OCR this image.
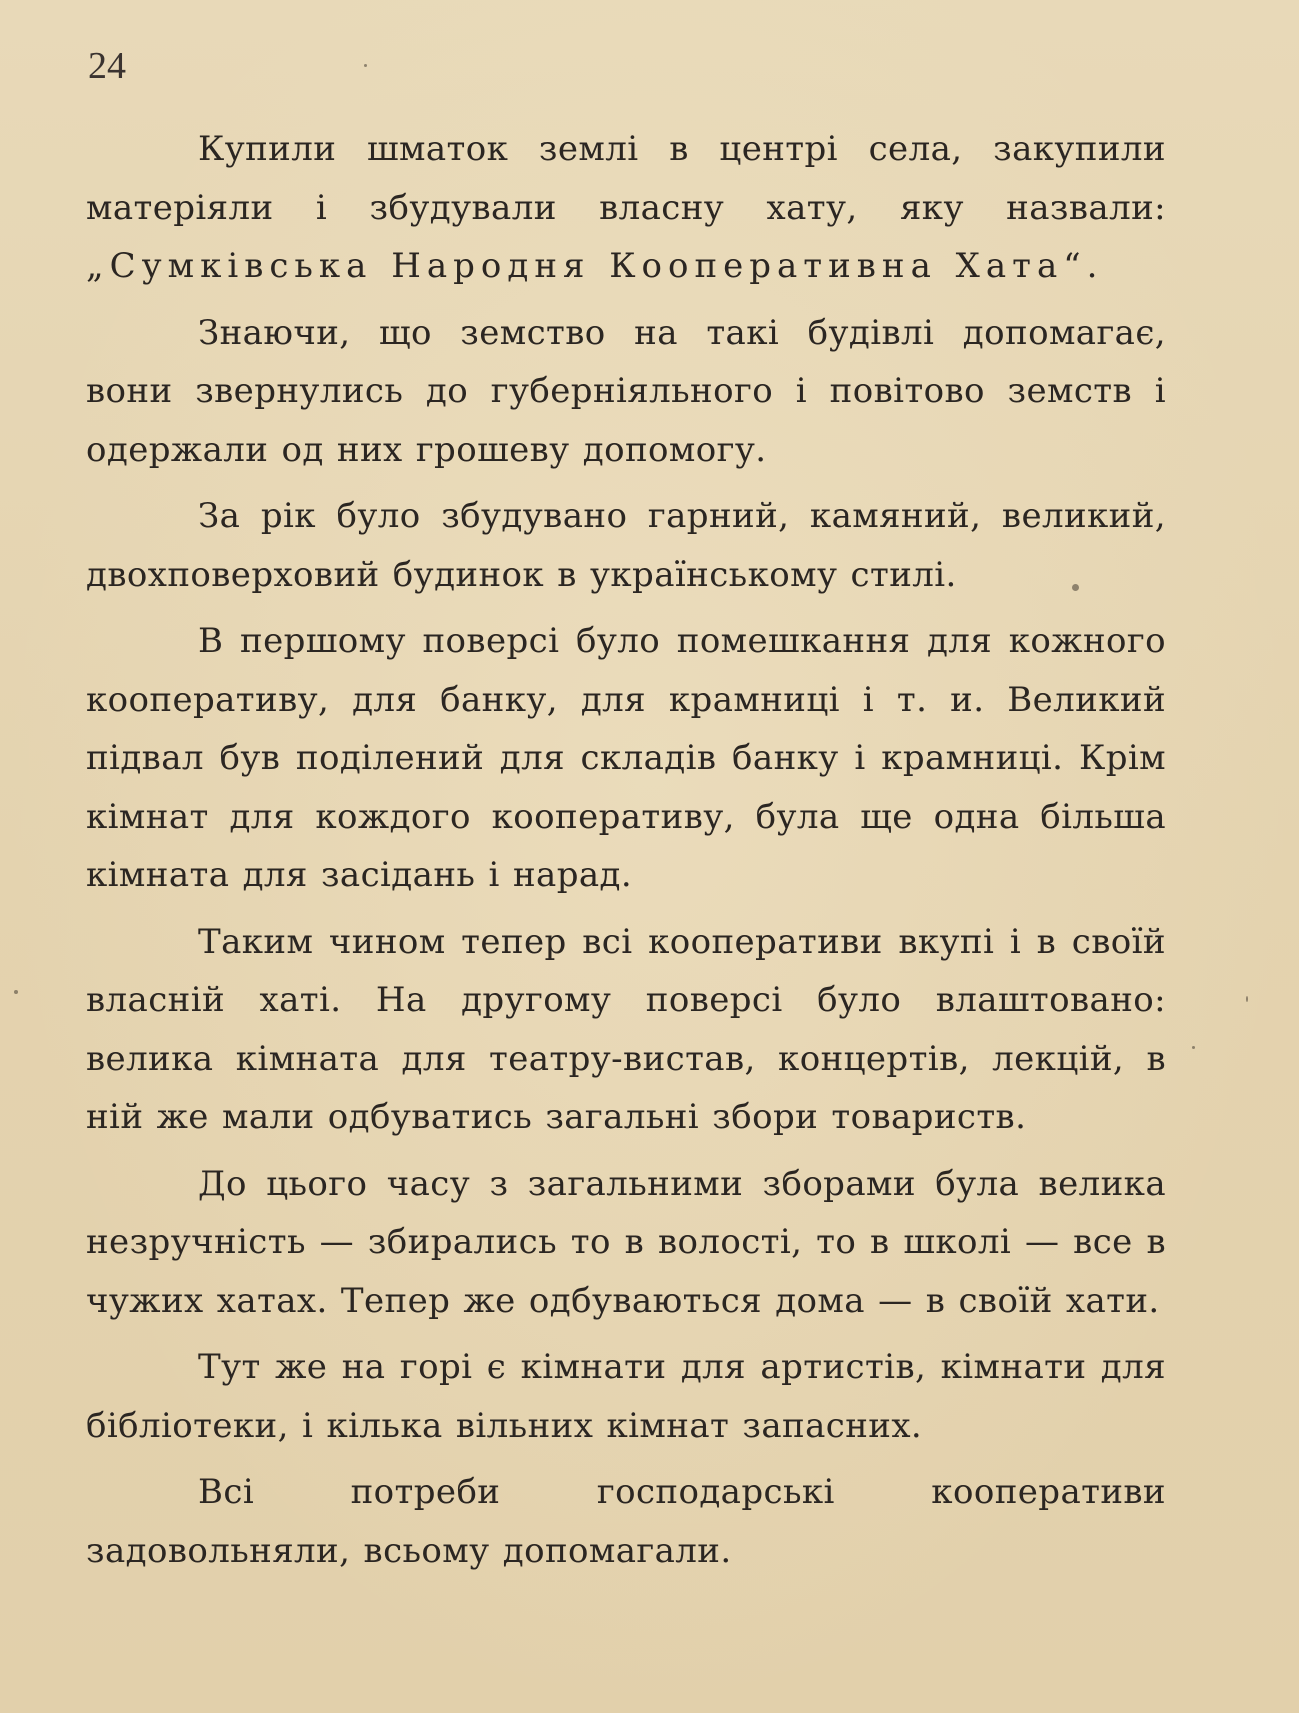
24

Купили шматок землі в центрі села, закупили матеріяли і збудували власну хату, яку назвали: „Сумківська Народня Кооперативна Хата“.

Знаючи, що земство на такі будівлі допомагає, вони звернулись до губерніяльного і повітово земств і одержали од них грошеву допомогу.

За рік було збудувано гарний, камяний, великий, двохповерховий будинок в українському стилі.

В першому поверсі було помешкання для кожного кооперативу, для банку, для крамниці і т. и. Великий підвал був поділений для складів банку і крамниці. Крім кімнат для кождого кооперативу, була ще одна більша кімната для засідань і нарад.

Таким чином тепер всі кооперативи вкупі і в своїй власній хаті. На другому поверсі було влаштовано: велика кімната для театру-вистав, концертів, лекцій, в ній же мали одбуватись загальні збори товариств.

До цього часу з загальними зборами була велика незручність — збирались то в волості, то в школі — все в чужих хатах. Тепер же одбуваються дома — в своїй хати.

Тут же на горі є кімнати для артистів, кімнати для бібліотеки, і кілька вільних кімнат запасних.

Всі потреби господарські кооперативи задовольняли, всьому допомагали.
